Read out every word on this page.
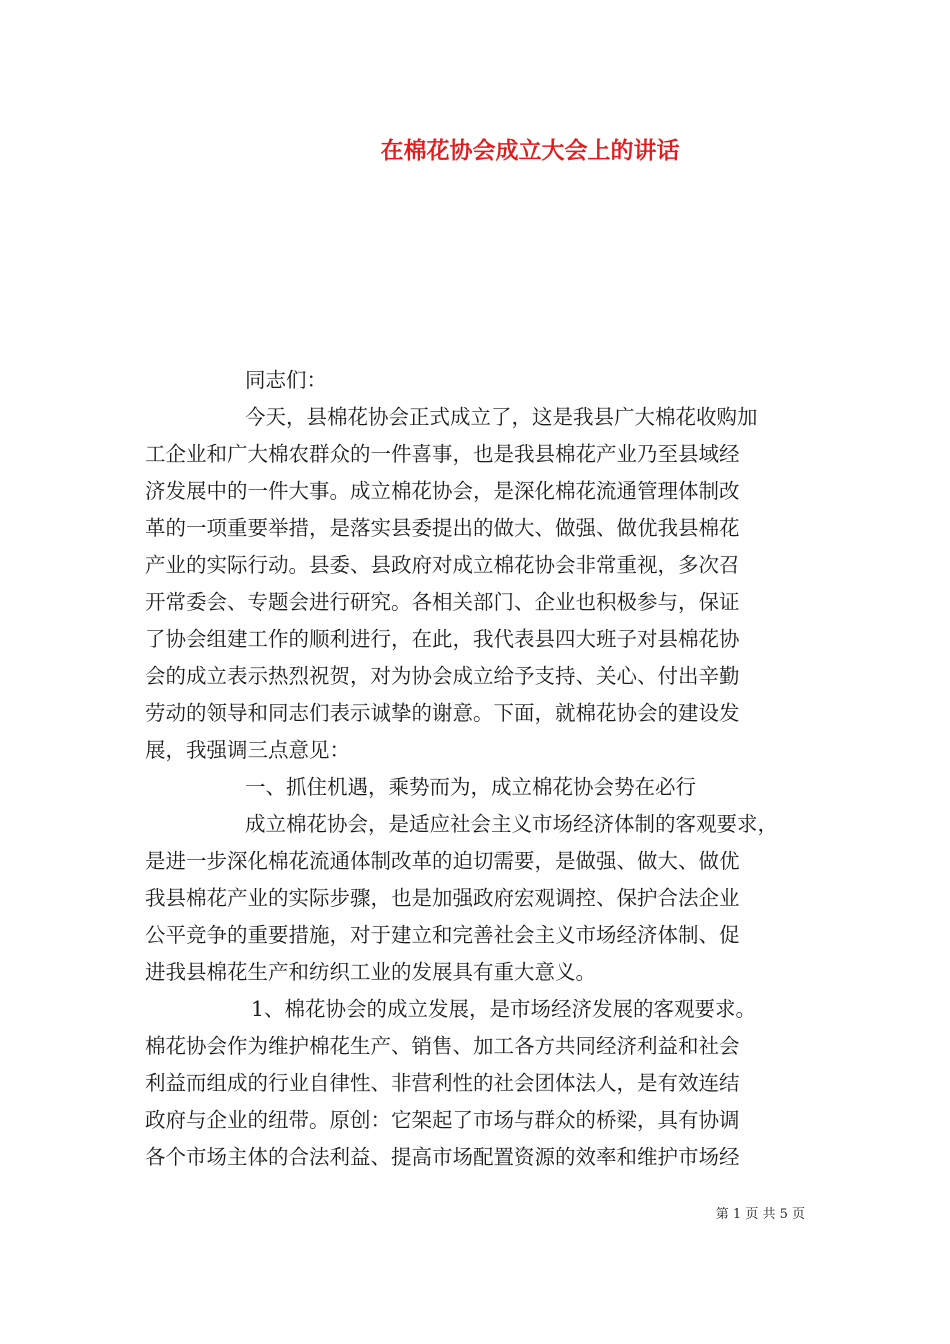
在棉花协会成立大会上的讲话
同志们：
今天，县棉花协会正式成立了，这是我县广大棉花收购加
工企业和广大棉农群众的一件喜事，也是我县棉花产业乃至县域经
济发展中的一件大事。成立棉花协会，是深化棉花流通管理体制改
革的一项重要举措，是落实县委提出的做大、做强、做优我县棉花
产业的实际行动。县委、县政府对成立棉花协会非常重视，多次召
开常委会、专题会进行研究。各相关部门、企业也积极参与，保证
了协会组建工作的顺利进行，在此，我代表县四大班子对县棉花协
会的成立表示热烈祝贺，对为协会成立给予支持、关心、付出辛勤
劳动的领导和同志们表示诚挚的谢意。下面，就棉花协会的建设发
展，我强调三点意见：
一、抓住机遇，乘势而为，成立棉花协会势在必行
成立棉花协会，是适应社会主义市场经济体制的客观要求，
是进一步深化棉花流通体制改革的迫切需要，是做强、做大、做优
我县棉花产业的实际步骤，也是加强政府宏观调控、保护合法企业
公平竞争的重要措施，对于建立和完善社会主义市场经济体制、促
进我县棉花生产和纺织工业的发展具有重大意义。
1、棉花协会的成立发展，是市场经济发展的客观要求。
棉花协会作为维护棉花生产、销售、加工各方共同经济利益和社会
利益而组成的行业自律性、非营利性的社会团体法人，是有效连结
政府与企业的纽带。原创：它架起了市场与群众的桥梁，具有协调
各个市场主体的合法利益、提高市场配置资源的效率和维护市场经
第 1 页 共 5 页
